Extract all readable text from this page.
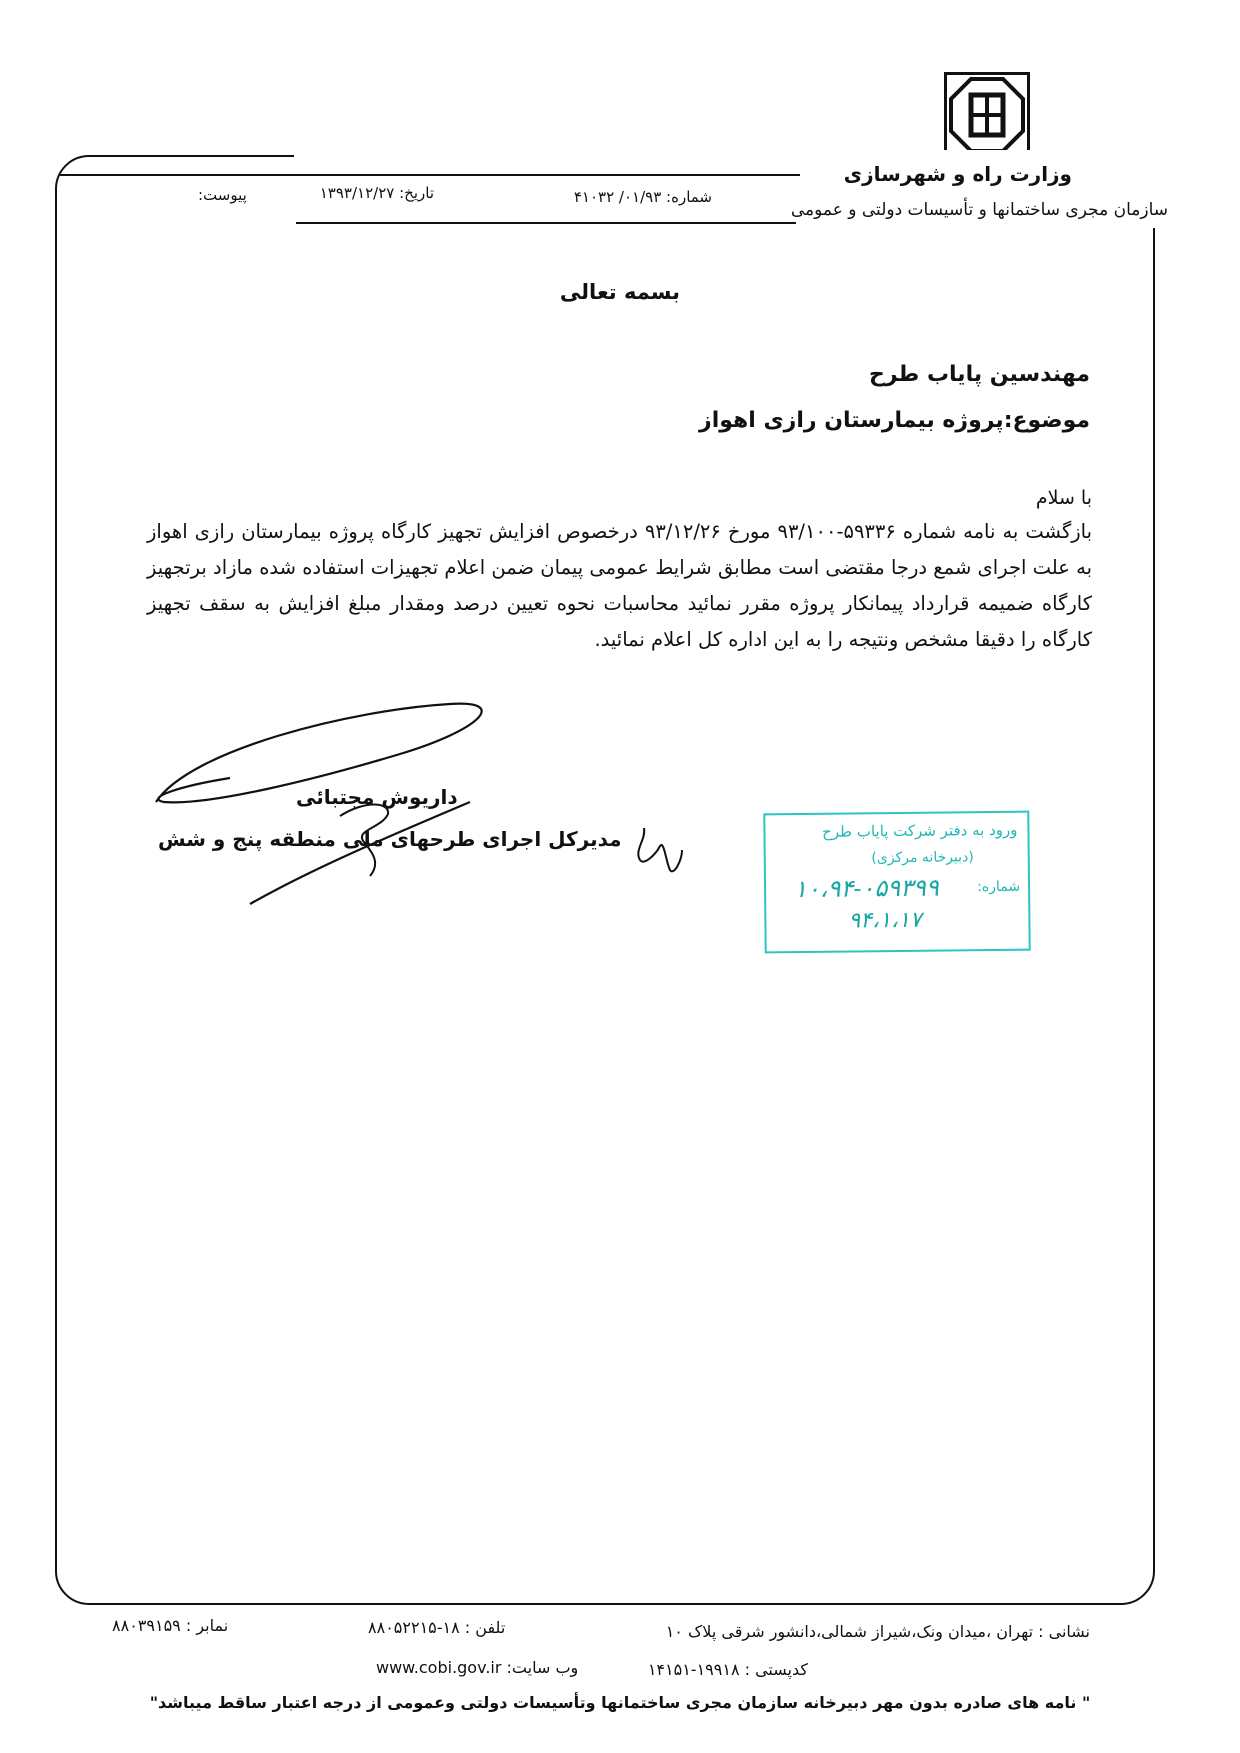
وزارت راه و شهرسازی
سازمان مجری ساختمانها و تأسیسات دولتی و عمومی
شماره: ۰۱/۹۳/ ۴۱۰۳۲
تاریخ: ۱۳۹۳/۱۲/۲۷
پیوست:
بسمه تعالی
مهندسین پایاب طرح
موضوع:پروژه بیمارستان رازی اهواز
با سلام
بازگشت به نامه شماره ۵۹۳۳۶-۹۳/۱۰۰ مورخ ۹۳/۱۲/۲۶ درخصوص افزایش تجهیز کارگاه پروژه بیمارستان رازی اهواز به علت اجرای شمع درجا مقتضی است مطابق شرایط عمومی پیمان ضمن اعلام تجهیزات استفاده شده مازاد برتجهیز کارگاه ضمیمه قرارداد پیمانکار پروژه مقرر نمائید محاسبات نحوه تعیین درصد ومقدار مبلغ افزایش به سقف تجهیز کارگاه را دقیقا مشخص ونتیجه را به این اداره کل اعلام نمائید.
داریوش مجتبائی
مدیرکل اجرای طرحهای ملی منطقه پنج و شش	ورود به دفتر شرکت پایاب طرح
(دبیرخانه مرکزی)
شماره:
۱۰،۹۴-۰۵۹۳۹۹
۹۴،۱،۱۷
نشانی : تهران ،میدان ونک،شیراز شمالی،دانشور شرقی پلاک ۱۰
تلفن : ۱۸-۸۸۰۵۲۲۱۵
نمابر : ۸۸۰۳۹۱۵۹
کدپستی : ۱۹۹۱۸-۱۴۱۵۱
وب سایت: www.cobi.gov.ir
" نامه های صادره بدون مهر دبیرخانه سازمان مجری ساختمانها وتأسیسات دولتی وعمومی از درجه اعتبار ساقط میباشد"
